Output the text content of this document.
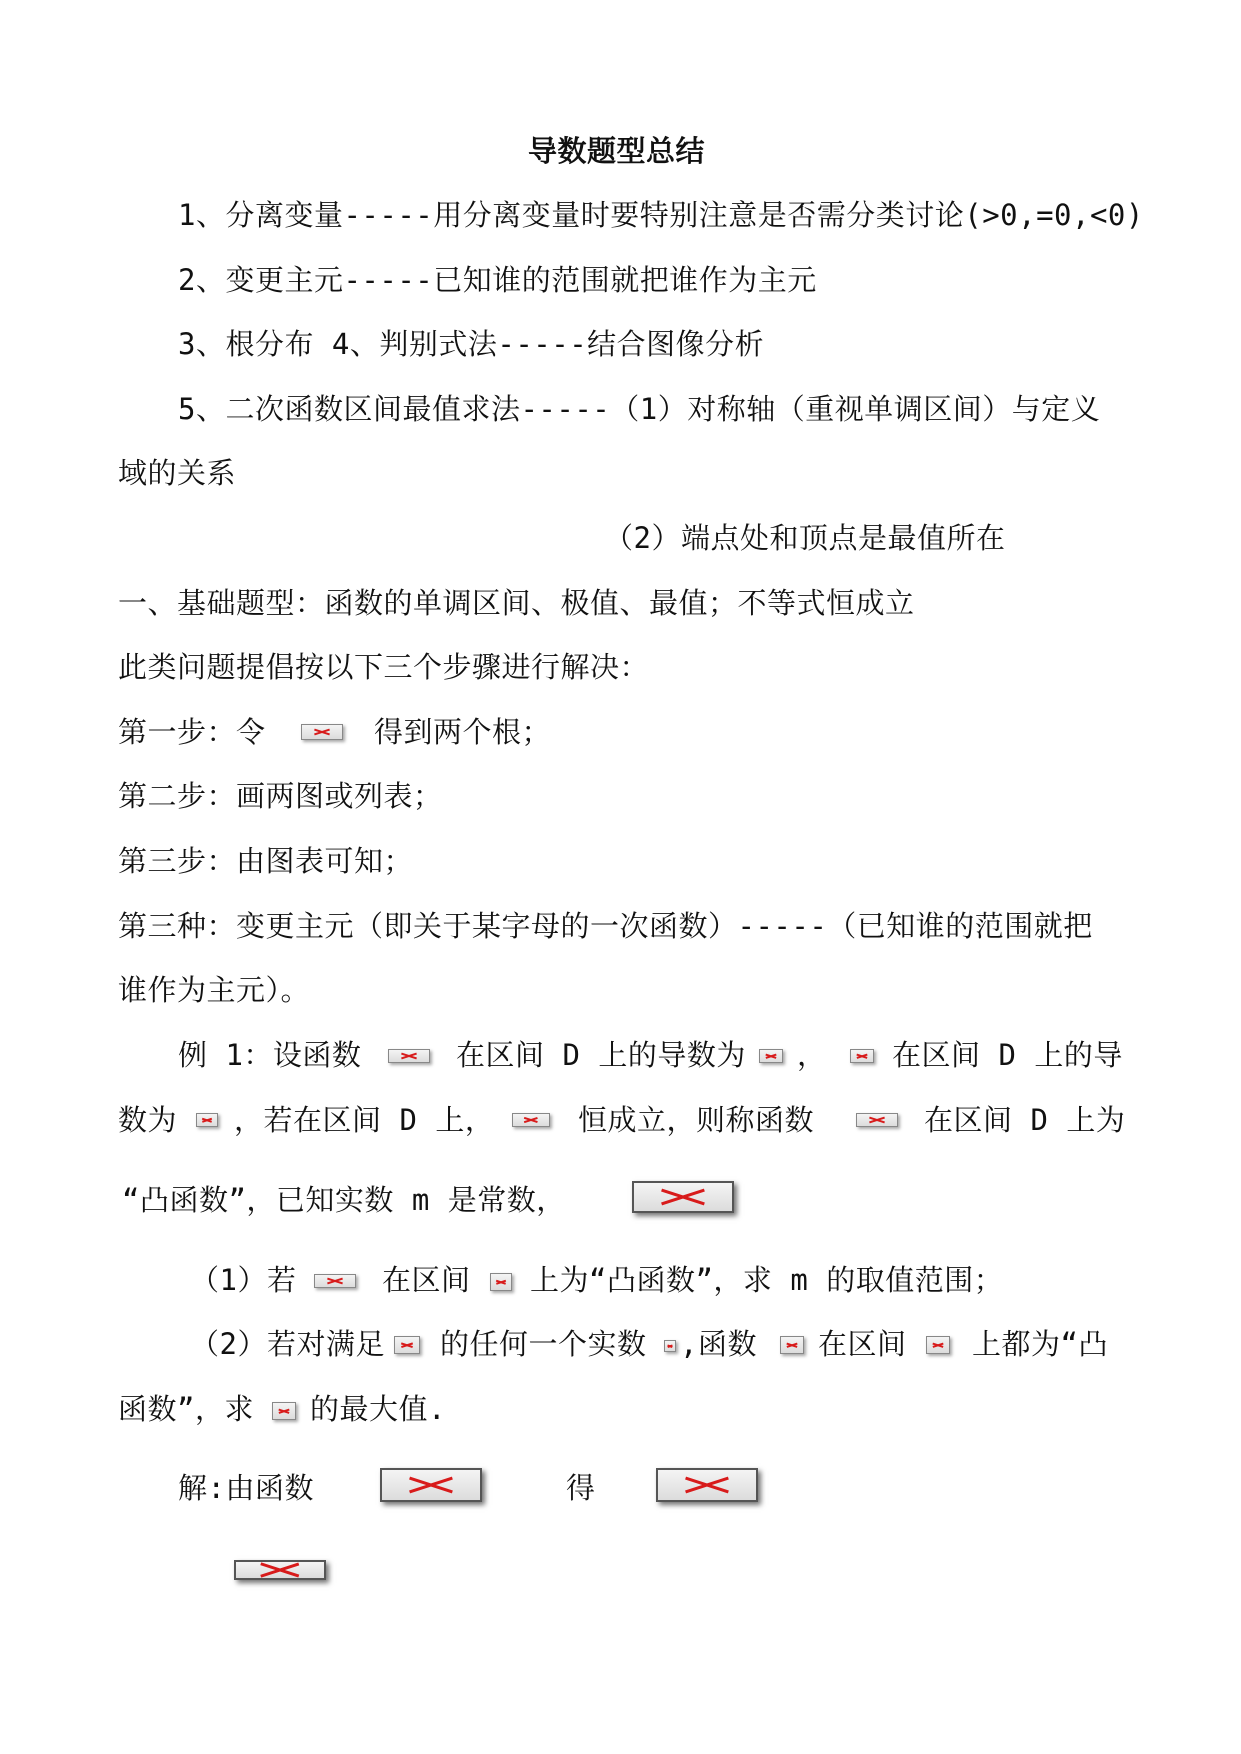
导数题型总结
1、分离变量-----用分离变量时要特别注意是否需分类讨论(>0,=0,<0)
2、变更主元-----已知谁的范围就把谁作为主元
3、根分布 4、判别式法-----结合图像分析
5、二次函数区间最值求法-----（1）对称轴（重视单调区间）与定义
域的关系
（2）端点处和顶点是最值所在
一、基础题型：函数的单调区间、极值、最值；不等式恒成立
此类问题提倡按以下三个步骤进行解决：
第一步：令	得到两个根；
第二步：画两图或列表；
第三步：由图表可知；
第三种：变更主元（即关于某字母的一次函数）-----（已知谁的范围就把
谁作为主元）。
例 1：设函数	在区间 D 上的导数为 ， 在区间 D 上的导
数为 ，若在区间 D 上，	恒成立，则称函数	在区间 D 上为
“凸函数”，已知实数 m 是常数，
（1）若	在区间 上为“凸函数”，求 m 的取值范围；
（2）若对满足 的任何一个实数 ,函数 在区间 上都为“凸
函数”，求 的最大值.
解:由函数	得
